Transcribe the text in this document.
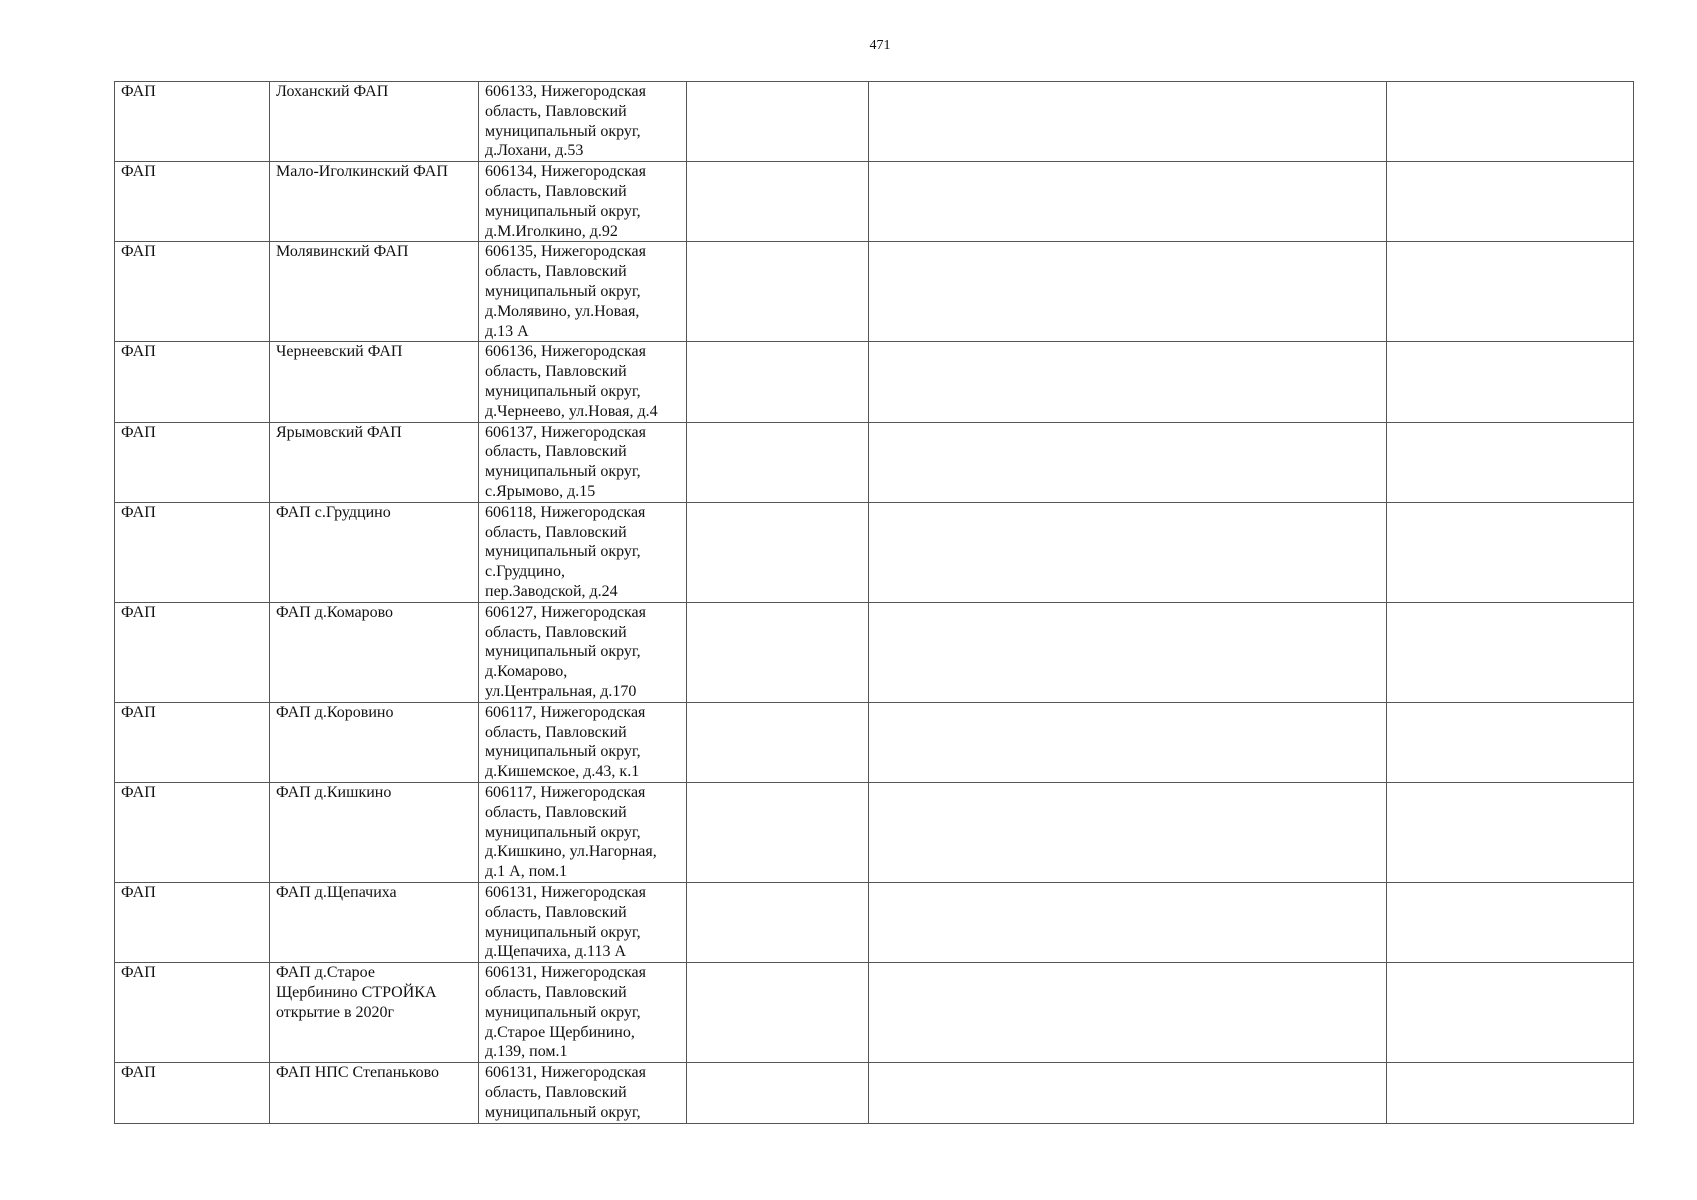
471
ФАП	Лоханский ФАП	606133, Нижегородская
область, Павловский
муниципальный округ,
д.Лохани, д.53			

ФАП	Мало-Иголкинский ФАП	606134, Нижегородская
область, Павловский
муниципальный округ,
д.М.Иголкино, д.92			

ФАП	Молявинский ФАП	606135, Нижегородская
область, Павловский
муниципальный округ,
д.Молявино, ул.Новая,
д.13 А			

ФАП	Чернеевский ФАП	606136, Нижегородская
область, Павловский
муниципальный округ,
д.Чернеево, ул.Новая, д.4			

ФАП	Ярымовский ФАП	606137, Нижегородская
область, Павловский
муниципальный округ,
с.Ярымово, д.15			

ФАП	ФАП с.Грудцино	606118, Нижегородская
область, Павловский
муниципальный округ,
с.Грудцино,
пер.Заводской, д.24			

ФАП	ФАП д.Комарово	606127, Нижегородская
область, Павловский
муниципальный округ,
д.Комарово,
ул.Центральная, д.170			

ФАП	ФАП д.Коровино	606117, Нижегородская
область, Павловский
муниципальный округ,
д.Кишемское, д.43, к.1			

ФАП	ФАП д.Кишкино	606117, Нижегородская
область, Павловский
муниципальный округ,
д.Кишкино, ул.Нагорная,
д.1 А, пом.1			

ФАП	ФАП д.Щепачиха	606131, Нижегородская
область, Павловский
муниципальный округ,
д.Щепачиха, д.113 А			

ФАП	ФАП д.Старое
Щербинино СТРОЙКА
открытие в 2020г	606131, Нижегородская
область, Павловский
муниципальный округ,
д.Старое Щербинино,
д.139, пом.1			

ФАП	ФАП НПС Степаньково	606131, Нижегородская
область, Павловский
муниципальный округ,			
